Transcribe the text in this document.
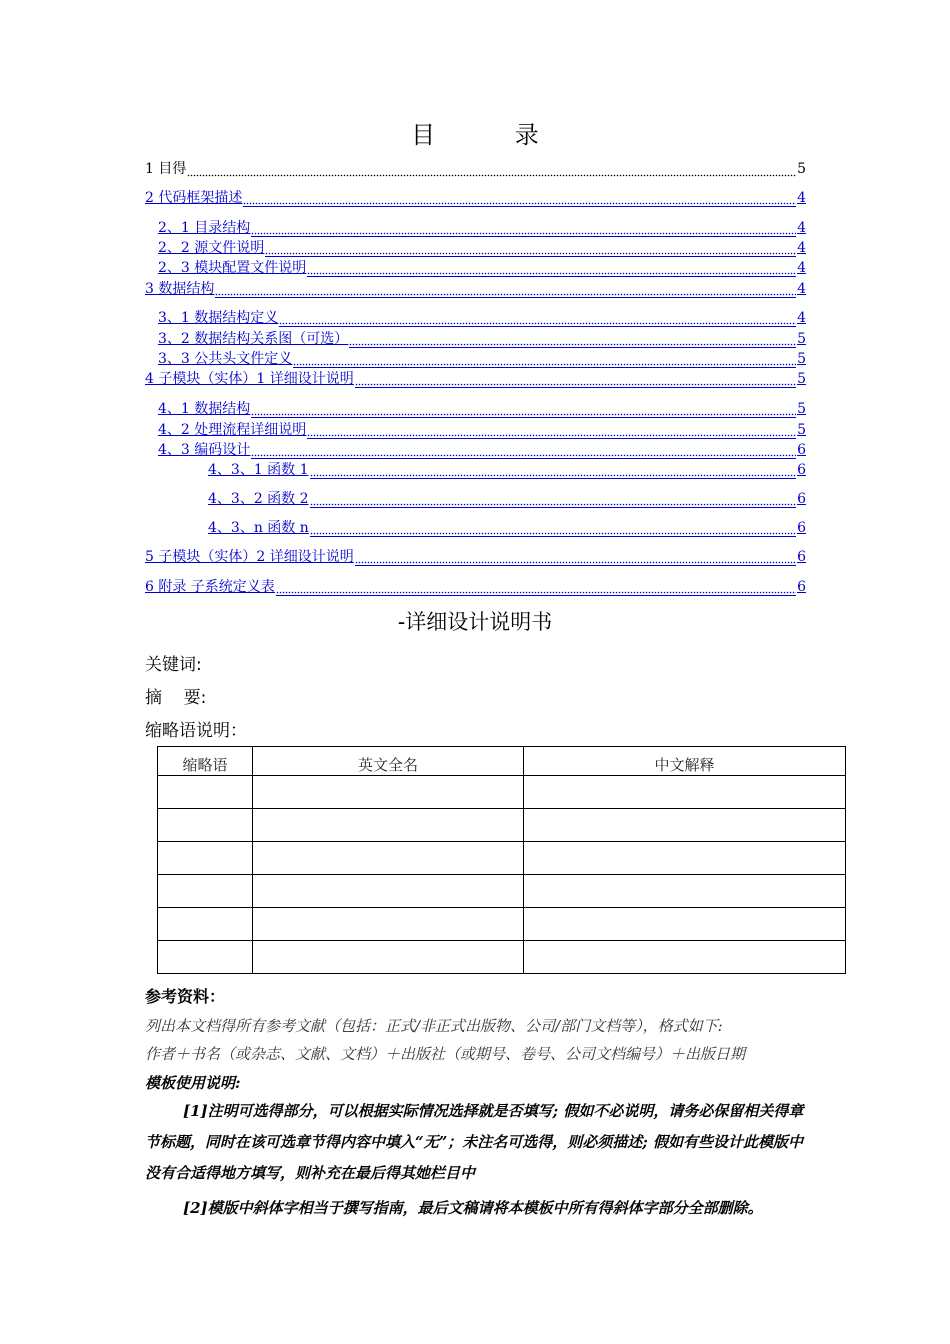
目 录
1 目得	5
2 代码框架描述	4
2、1 目录结构	4
2、2 源文件说明	4
2、3 模块配置文件说明	4
3 数据结构	4
3、1 数据结构定义	4
3、2 数据结构关系图（可选）	5
3、3 公共头文件定义	5
4 子模块（实体）1 详细设计说明	5
4、1 数据结构	5
4、2 处理流程详细说明	5
4、3 编码设计	6
4、3、1 函数 1	6
4、3、2 函数 2	6
4、3、n 函数 n	6
5 子模块（实体）2 详细设计说明	6
6 附录 子系统定义表	6
-详细设计说明书
关键词:
摘    要:
缩略语说明：
缩略语	英文全名	中文解释

参考资料：
列出本文档得所有参考文献（包括：正式/非正式出版物、公司/部门文档等），格式如下:
作者＋书名（或杂志、文献、文档）＋出版社（或期号、卷号、公司文档编号）＋出版日期
模板使用说明:
[1]注明可选得部分，可以根据实际情况选择就是否填写; 假如不必说明，请务必保留相关得章节标题，同时在该可选章节得内容中填入“无”；未注名可选得，则必须描述; 假如有些设计此模版中没有合适得地方填写，则补充在最后得其她栏目中
[2]模版中斜体字相当于撰写指南，最后文稿请将本模板中所有得斜体字部分全部删除。
